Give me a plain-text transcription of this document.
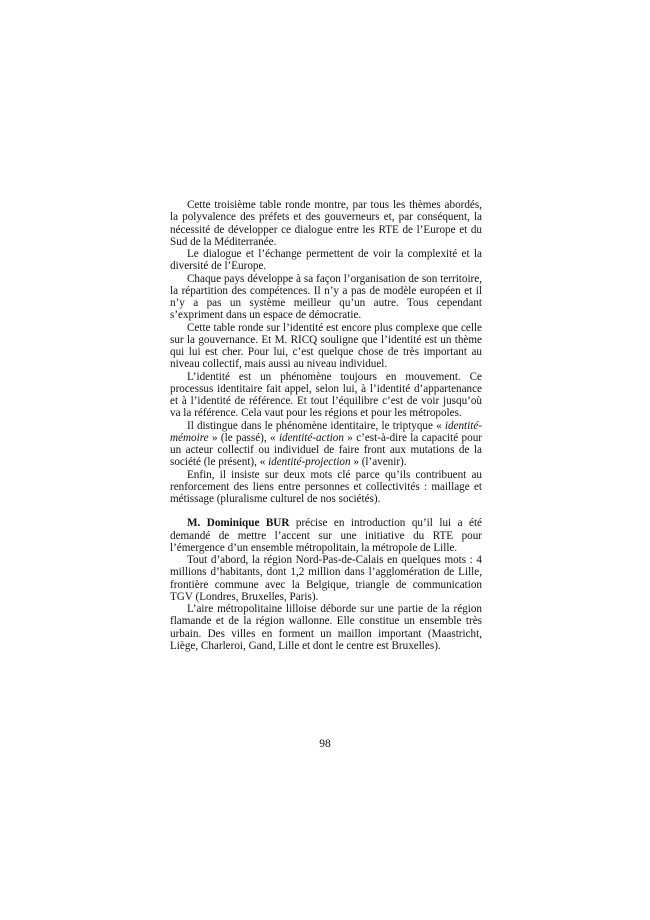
Cette troisième table ronde montre, par tous les thèmes abordés, la polyvalence des préfets et des gouverneurs et, par conséquent, la nécessité de développer ce dialogue entre les RTE de l’Europe et du Sud de la Méditerranée.

Le dialogue et l’échange permettent de voir la complexité et la diversité de l’Europe.

Chaque pays développe à sa façon l’organisation de son territoire, la répartition des compétences. Il n’y a pas de modèle européen et il n’y a pas un système meilleur qu’un autre. Tous cependant s’expriment dans un espace de démocratie.

Cette table ronde sur l’identité est encore plus complexe que celle sur la gouvernance. Et M. RICQ souligne que l’identité est un thème qui lui est cher. Pour lui, c’est quelque chose de très important au niveau collectif, mais aussi au niveau individuel.

L’identité est un phénomène toujours en mouvement. Ce processus identitaire fait appel, selon lui, à l’identité d’appartenance et à l’identité de référence. Et tout l’équilibre c’est de voir jusqu’où va la référence. Cela vaut pour les régions et pour les métropoles.

Il distingue dans le phénomène identitaire, le triptyque « identité-mémoire » (le passé), « identité-action » c’est-à-dire la capacité pour un acteur collectif ou individuel de faire front aux mutations de la société (le présent), « identité-projection » (l’avenir).

Enfin, il insiste sur deux mots clé parce qu’ils contribuent au renforcement des liens entre personnes et collectivités : maillage et métissage (pluralisme culturel de nos sociétés).

M. Dominique BUR précise en introduction qu’il lui a été demandé de mettre l’accent sur une initiative du RTE pour l’émergence d’un ensemble métropolitain, la métropole de Lille.

Tout d’abord, la région Nord-Pas-de-Calais en quelques mots : 4 millions d’habitants, dont 1,2 million dans l’agglomération de Lille, frontière commune avec la Belgique, triangle de communication TGV (Londres, Bruxelles, Paris).

L’aire métropolitaine lilloise déborde sur une partie de la région flamande et de la région wallonne. Elle constitue un ensemble très urbain. Des villes en forment un maillon important (Maastricht, Liège, Charleroi, Gand, Lille et dont le centre est Bruxelles).

98
